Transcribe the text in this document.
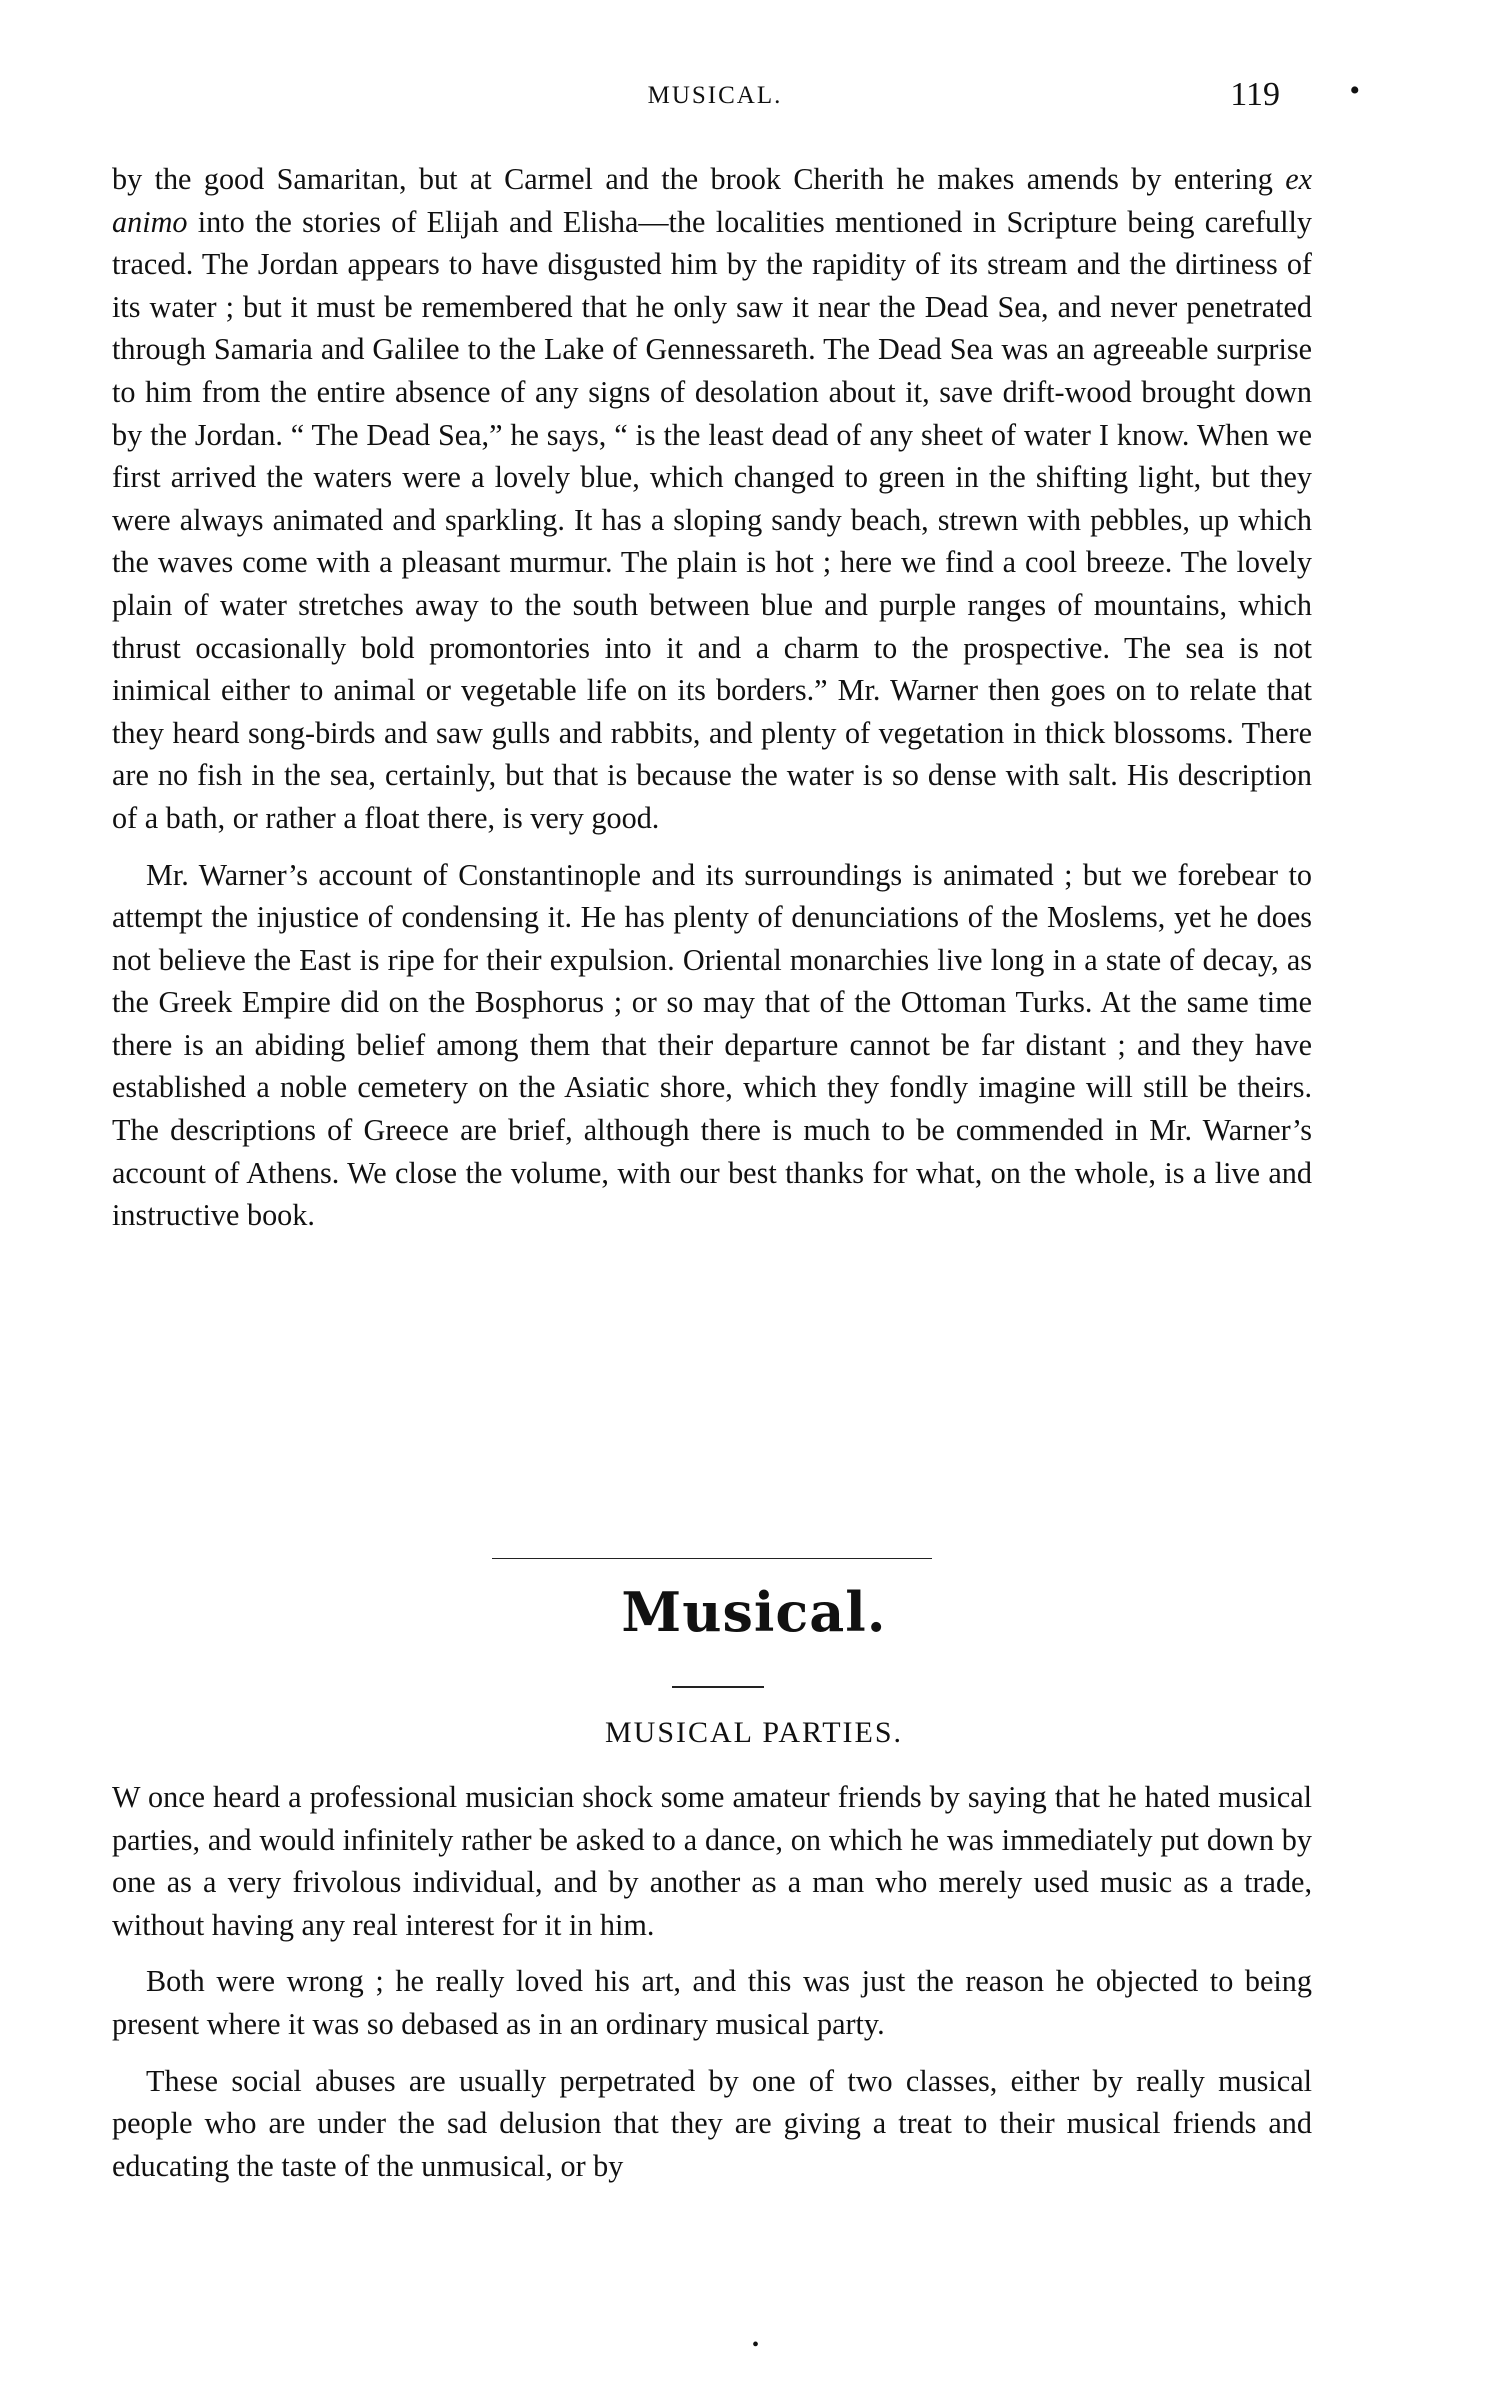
MUSICAL.	119 •

by the good Samaritan, but at Carmel and the brook Cherith he makes amends by entering ex animo into the stories of Elijah and Elisha—the localities mentioned in Scripture being carefully traced. The Jordan appears to have disgusted him by the rapidity of its stream and the dirtiness of its water ; but it must be remembered that he only saw it near the Dead Sea, and never penetrated through Samaria and Galilee to the Lake of Gennessareth. The Dead Sea was an agreeable surprise to him from the entire absence of any signs of desolation about it, save drift-wood brought down by the Jordan. “ The Dead Sea,” he says, “ is the least dead of any sheet of water I know. When we first arrived the waters were a lovely blue, which changed to green in the shifting light, but they were always animated and sparkling. It has a sloping sandy beach, strewn with pebbles, up which the waves come with a pleasant murmur. The plain is hot ; here we find a cool breeze. The lovely plain of water stretches away to the south between blue and purple ranges of mountains, which thrust occasionally bold promontories into it and a charm to the prospective. The sea is not inimical either to animal or vegetable life on its borders.” Mr. Warner then goes on to relate that they heard song-birds and saw gulls and rabbits, and plenty of vegetation in thick blossoms. There are no fish in the sea, certainly, but that is because the water is so dense with salt. His description of a bath, or rather a float there, is very good.

Mr. Warner’s account of Constantinople and its surroundings is animated ; but we forebear to attempt the injustice of condensing it. He has plenty of denunciations of the Moslems, yet he does not believe the East is ripe for their expulsion. Oriental monarchies live long in a state of decay, as the Greek Empire did on the Bosphorus ; or so may that of the Ottoman Turks. At the same time there is an abiding belief among them that their departure cannot be far distant ; and they have established a noble cemetery on the Asiatic shore, which they fondly imagine will still be theirs. The descriptions of Greece are brief, although there is much to be commended in Mr. Warner’s account of Athens. We close the volume, with our best thanks for what, on the whole, is a live and instructive book.

Musical.
MUSICAL PARTIES.

W once heard a professional musician shock some amateur friends by saying that he hated musical parties, and would infinitely rather be asked to a dance, on which he was immediately put down by one as a very frivolous individual, and by another as a man who merely used music as a trade, without having any real interest for it in him.

Both were wrong ; he really loved his art, and this was just the reason he objected to being present where it was so debased as in an ordinary musical party.

These social abuses are usually perpetrated by one of two classes, either by really musical people who are under the sad delusion that they are giving a treat to their musical friends and educating the taste of the unmusical, or by

•
